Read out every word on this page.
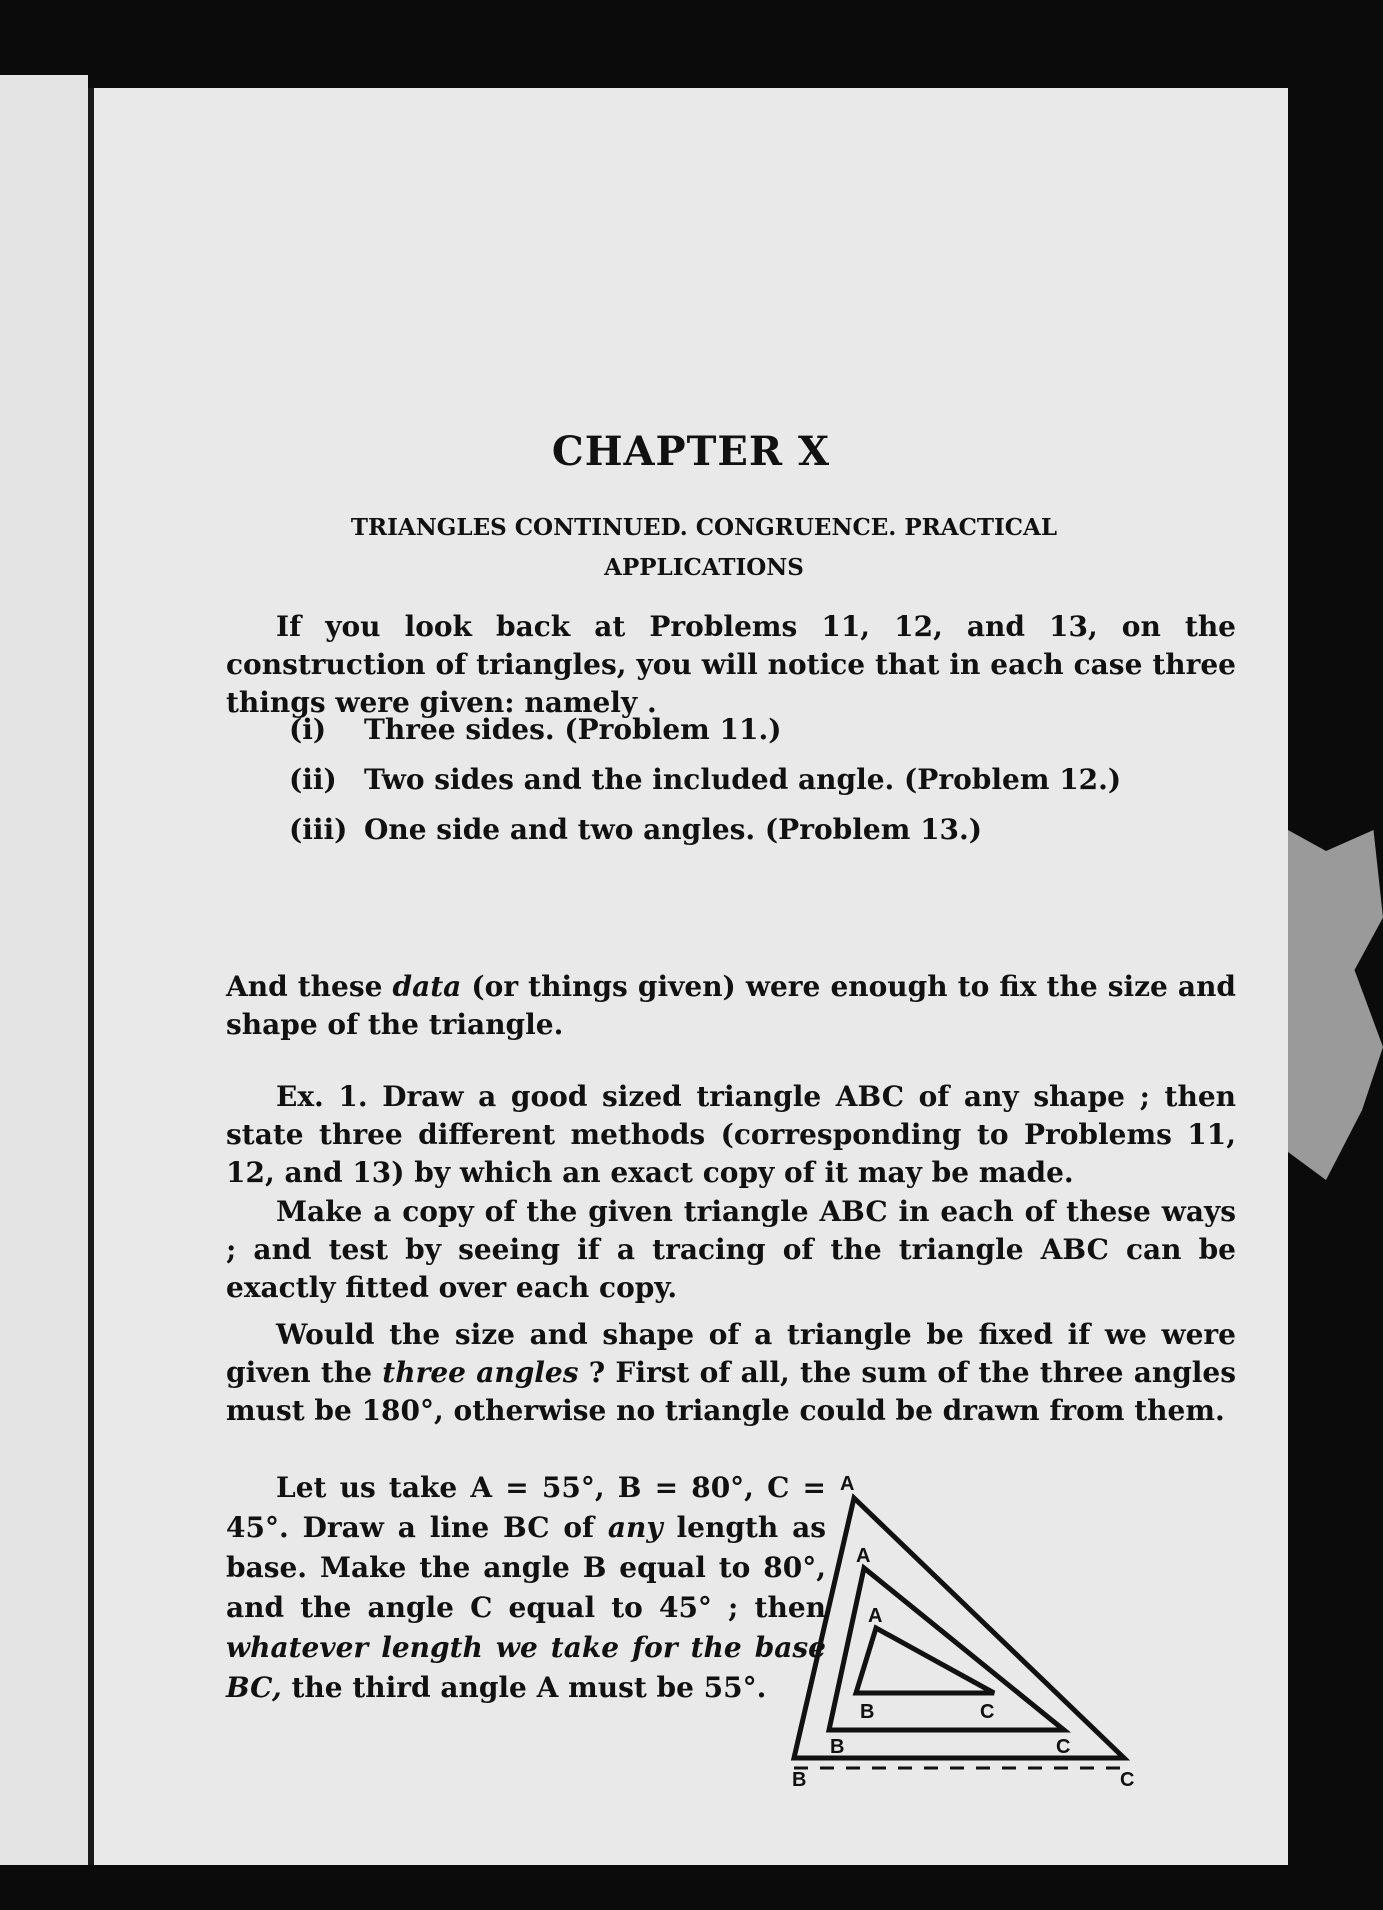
CHAPTER X
TRIANGLES CONTINUED. CONGRUENCE. PRACTICAL
APPLICATIONS
If you look back at Problems 11, 12, and 13, on the construction of triangles, you will notice that in each case three things were given: namely .
(i)	Three sides. (Problem 11.)
(ii) Two sides and the included angle. (Problem 12.)
(iii) One side and two angles. (Problem 13.)
And these data (or things given) were enough to fix the size and shape of the triangle.
Ex. 1. Draw a good sized triangle ABC of any shape ; then state three different methods (corresponding to Problems 11, 12, and 13) by which an exact copy of it may be made.
Make a copy of the given triangle ABC in each of these ways ; and test by seeing if a tracing of the triangle ABC can be exactly fitted over each copy.
Would the size and shape of a triangle be fixed if we were given the three angles ? First of all, the sum of the three angles must be 180°, otherwise no triangle could be drawn from them.
Let us take A = 55°, B = 80°, C = 45°. Draw a line BC of any length as base. Make the angle B equal to 80°, and the angle C equal to 45° ; then whatever length we take for the base BC, the third angle A must be 55°.
A
A
A
B	C
B	C
B	C
